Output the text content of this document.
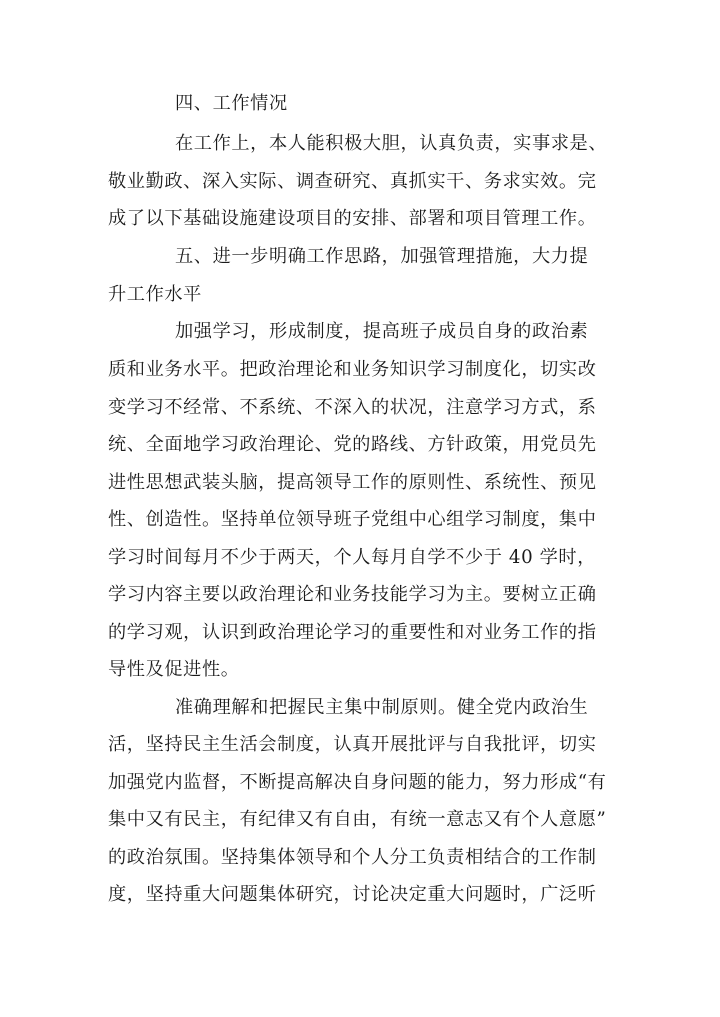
四、工作情况
在工作上，本人能积极大胆，认真负责，实事求是、
敬业勤政、深入实际、调查研究、真抓实干、务求实效。完
成了以下基础设施建设项目的安排、部署和项目管理工作。
五、进一步明确工作思路，加强管理措施，大力提
升工作水平
加强学习，形成制度，提高班子成员自身的政治素
质和业务水平。把政治理论和业务知识学习制度化，切实改
变学习不经常、不系统、不深入的状况，注意学习方式，系
统、全面地学习政治理论、党的路线、方针政策，用党员先
进性思想武装头脑，提高领导工作的原则性、系统性、预见
性、创造性。坚持单位领导班子党组中心组学习制度，集中
学习时间每月不少于两天，个人每月自学不少于 40 学时，
学习内容主要以政治理论和业务技能学习为主。要树立正确
的学习观，认识到政治理论学习的重要性和对业务工作的指
导性及促进性。
准确理解和把握民主集中制原则。健全党内政治生
活，坚持民主生活会制度，认真开展批评与自我批评，切实
加强党内监督，不断提高解决自身问题的能力，努力形成“有
集中又有民主，有纪律又有自由，有统一意志又有个人意愿”
的政治氛围。坚持集体领导和个人分工负责相结合的工作制
度，坚持重大问题集体研究，讨论决定重大问题时，广泛听
